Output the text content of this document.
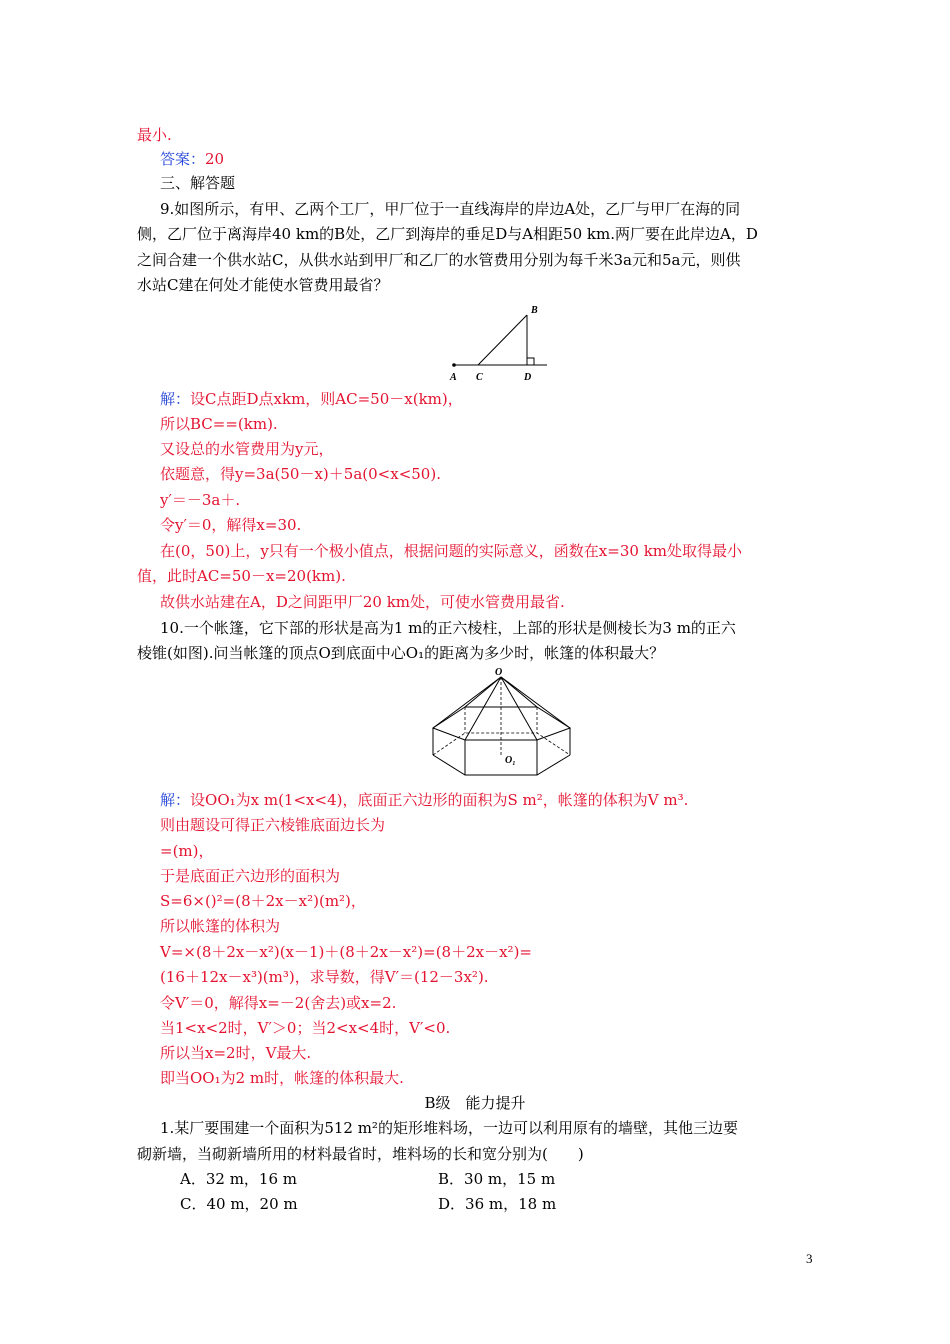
最小.
答案：20
三、解答题
9.如图所示，有甲、乙两个工厂，甲厂位于一直线海岸的岸边A处，乙厂与甲厂在海的同
侧，乙厂位于离海岸40 km的B处，乙厂到海岸的垂足D与A相距50 km.两厂要在此岸边A，D
之间合建一个供水站C，从供水站到甲厂和乙厂的水管费用分别为每千米3a元和5a元，则供
水站C建在何处才能使水管费用最省？
A C	D
B
解：设C点距D点xkm，则AC=50－x(km)，
所以BC==(km).
又设总的水管费用为y元，
依题意，得y=3a(50－x)＋5a(0<x<50).
y′＝－3a＋.
令y′＝0，解得x=30.
在(0，50)上，y只有一个极小值点，根据问题的实际意义，函数在x=30 km处取得最小
值，此时AC=50－x=20(km).
故供水站建在A，D之间距甲厂20 km处，可使水管费用最省.
10.一个帐篷，它下部的形状是高为1 m的正六棱柱，上部的形状是侧棱长为3 m的正六
棱锥(如图).问当帐篷的顶点O到底面中心O₁的距离为多少时，帐篷的体积最大？
O
O₁
解：设OO₁为x m(1<x<4)，底面正六边形的面积为S m²，帐篷的体积为V m³.
则由题设可得正六棱锥底面边长为
=(m)，
于是底面正六边形的面积为
S=6×()²=(8＋2x－x²)(m²)，
所以帐篷的体积为
V=×(8＋2x－x²)(x－1)＋(8＋2x－x²)=(8＋2x－x²)=
(16＋12x－x³)(m³)，求导数，得V′＝(12－3x²).
令V′＝0，解得x=－2(舍去)或x=2.
当1<x<2时，V′＞0；当2<x<4时，V′<0.
所以当x=2时，V最大.
即当OO₁为2 m时，帐篷的体积最大.
B级　能力提升
1.某厂要围建一个面积为512 m²的矩形堆料场，一边可以利用原有的墙壁，其他三边要
砌新墙，当砌新墙所用的材料最省时，堆料场的长和宽分别为(　　)
A．32 m，16 m	B．30 m，15 m
C．40 m，20 m	D．36 m，18 m
3
